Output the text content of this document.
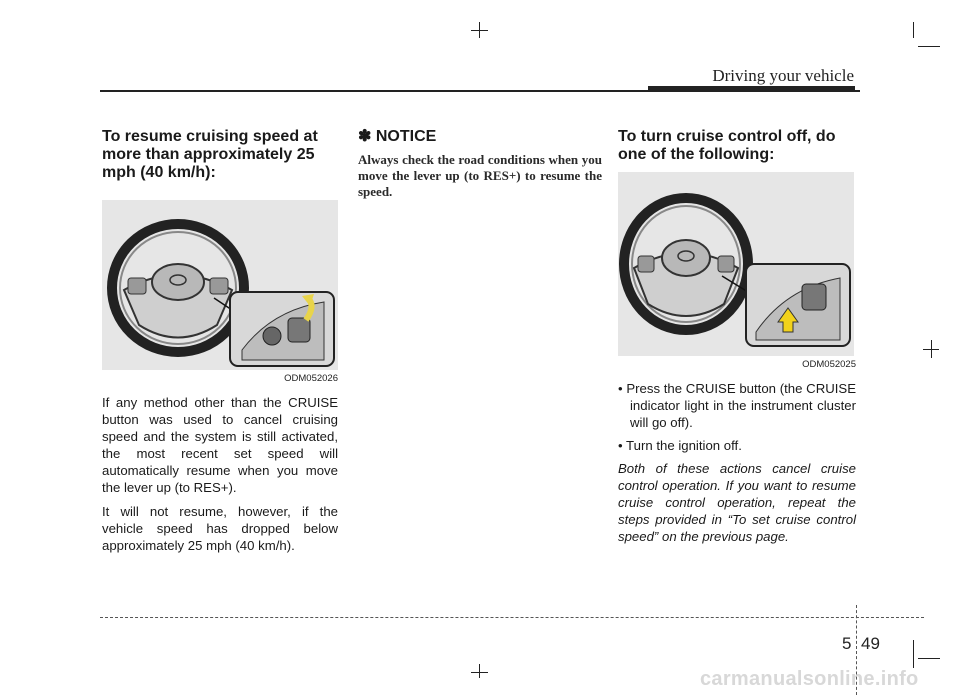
Driving your vehicle
To resume cruising speed at more than approximately 25 mph (40 km/h):
ODM052026

If any method other than the CRUISE button was used to cancel cruising speed and the system is still activated, the most recent set speed will automatically resume when you move the lever up (to RES+).

It will not resume, however, if the vehicle speed has dropped below approximately 25 mph (40 km/h).

✽ NOTICE

Always check the road conditions when you move the lever up (to RES+) to resume the speed.

To turn cruise control off, do one of the following:
ODM052025
• Press the CRUISE button (the CRUISE indicator light in the instrument cluster will go off).
• Turn the ignition off.

Both of these actions cancel cruise control operation. If you want to resume cruise control operation, repeat the steps provided in “To set cruise control speed” on the previous page.

5 49
carmanualsonline.info
